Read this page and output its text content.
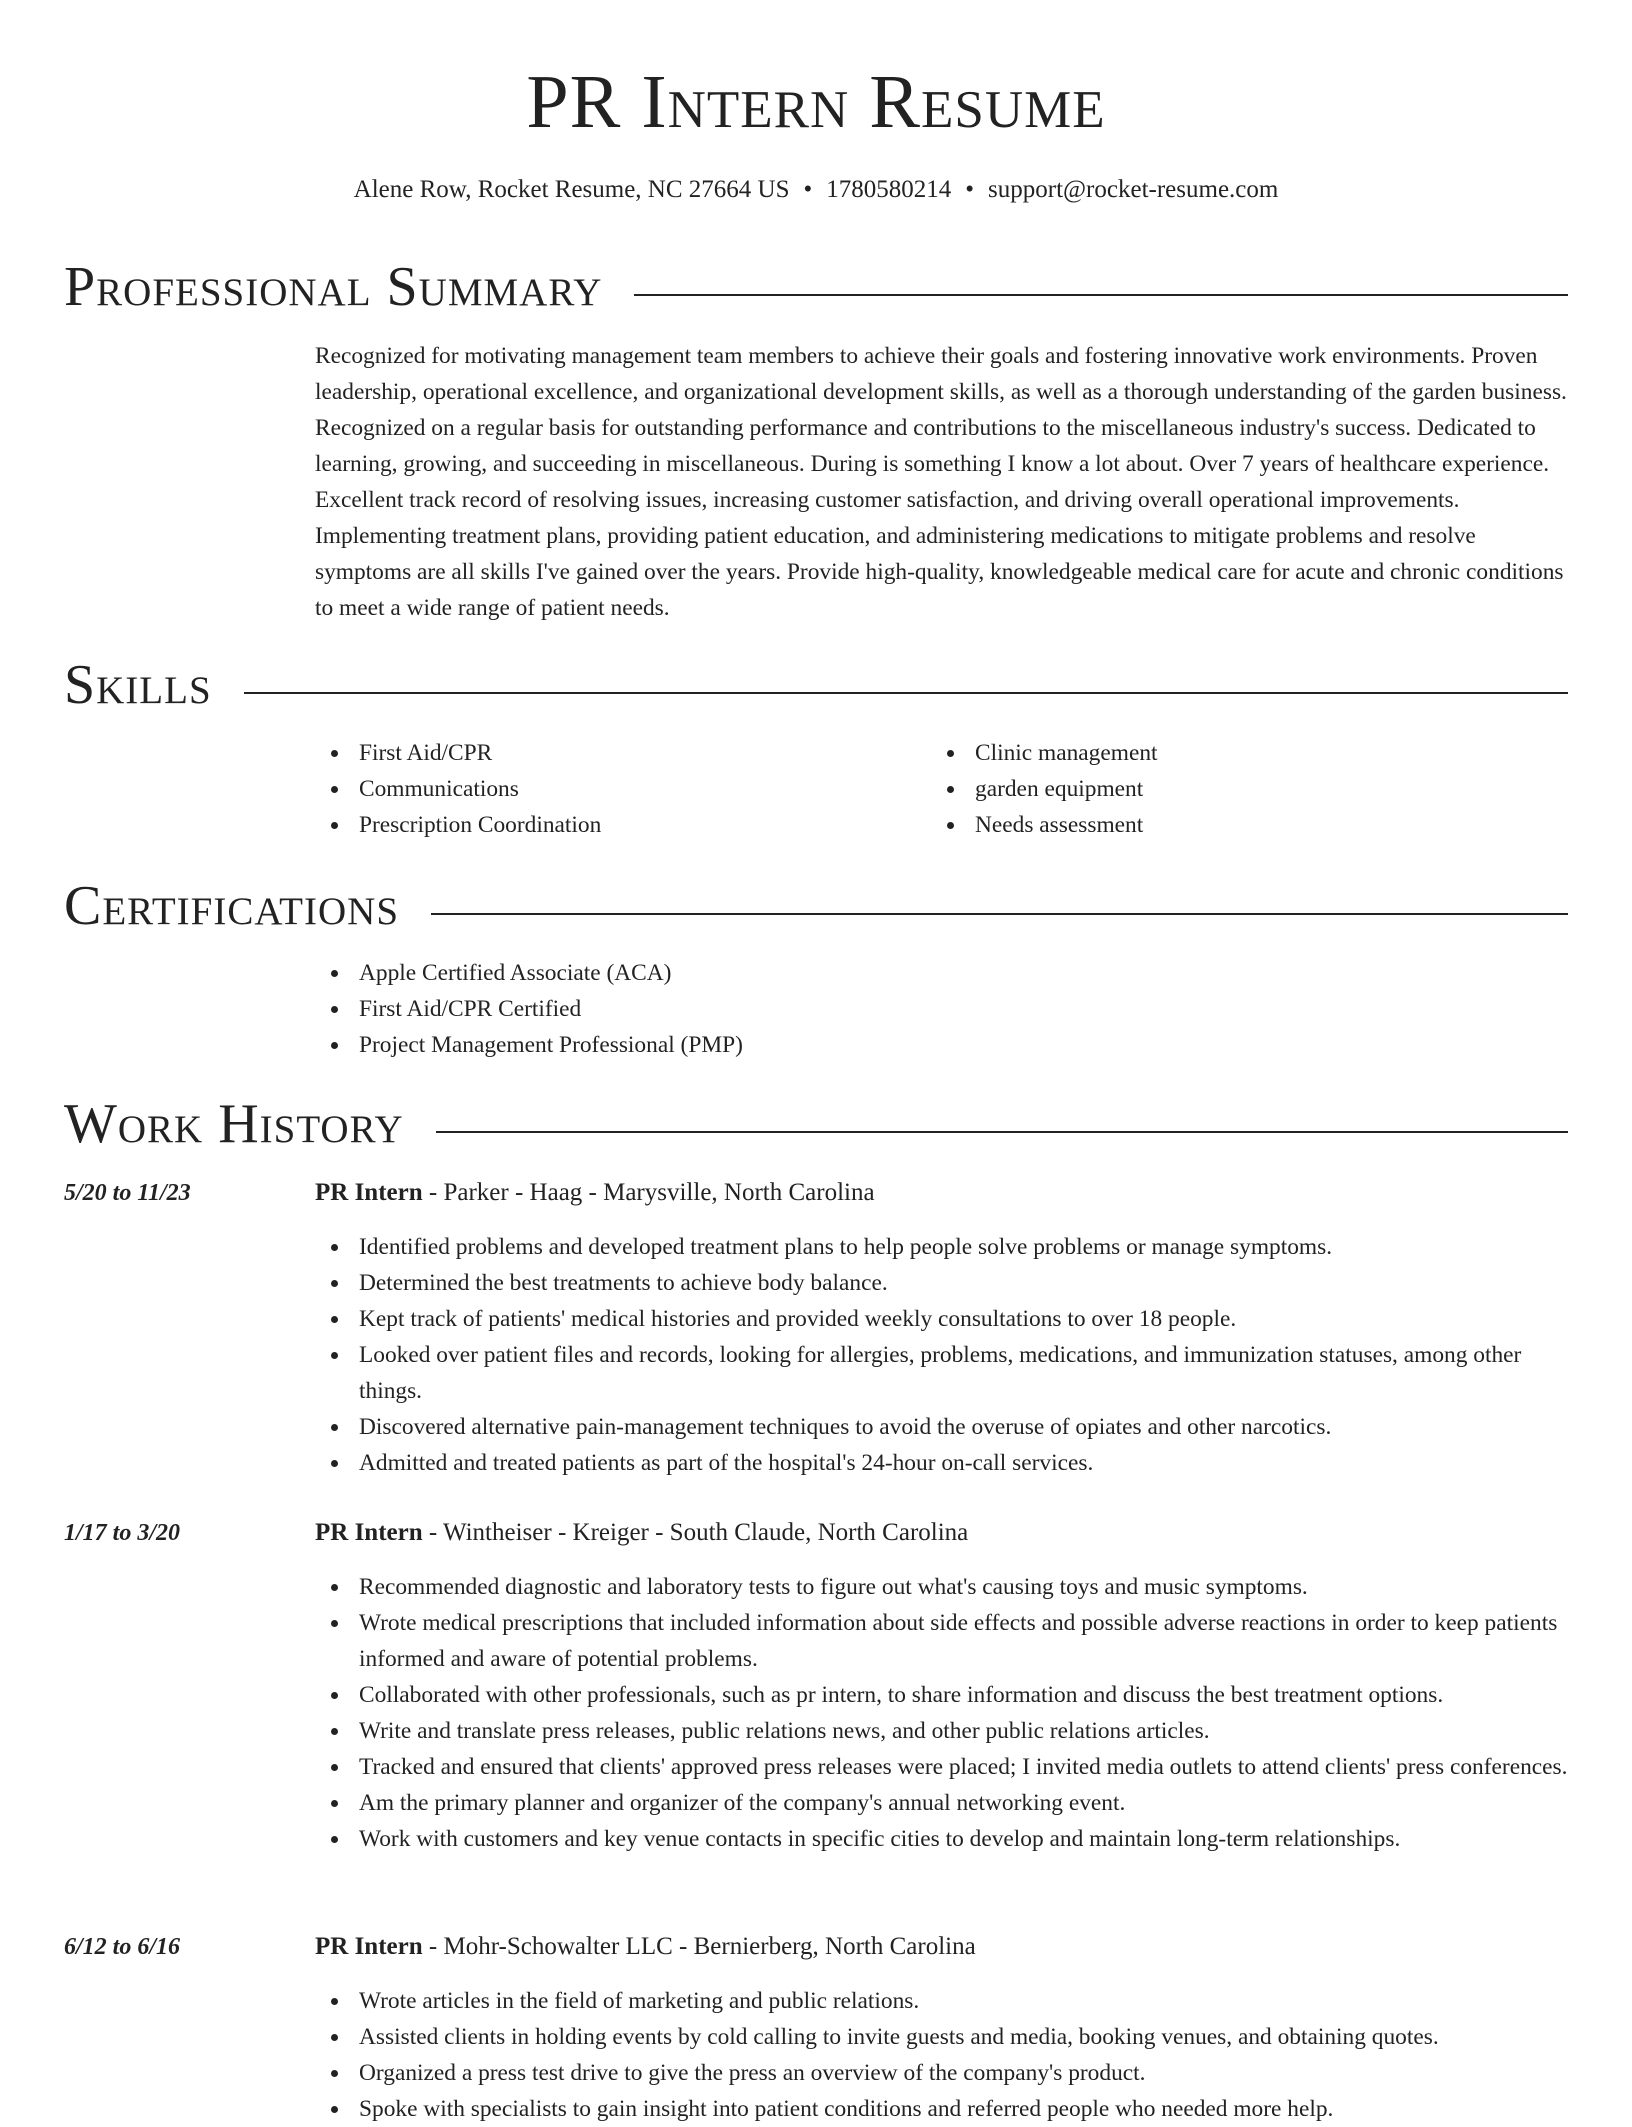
PR Intern Resume
Alene Row, Rocket Resume, NC 27664 US • 1780580214 • support@rocket-resume.com
Professional Summary

Recognized for motivating management team members to achieve their goals and fostering innovative work environments. Proven leadership, operational excellence, and organizational development skills, as well as a thorough understanding of the garden business. Recognized on a regular basis for outstanding performance and contributions to the miscellaneous industry's success. Dedicated to learning, growing, and succeeding in miscellaneous. During is something I know a lot about. Over 7 years of healthcare experience. Excellent track record of resolving issues, increasing customer satisfaction, and driving overall operational improvements. Implementing treatment plans, providing patient education, and administering medications to mitigate problems and resolve symptoms are all skills I've gained over the years. Provide high-quality, knowledgeable medical care for acute and chronic conditions to meet a wide range of patient needs.

Skills
First Aid/CPR
Communications
Prescription Coordination
Clinic management
garden equipment
Needs assessment
Certifications
Apple Certified Associate (ACA)
First Aid/CPR Certified
Project Management Professional (PMP)
Work History
5/20 to 11/23	PR Intern - Parker - Haag - Marysville, North Carolina
Identified problems and developed treatment plans to help people solve problems or manage symptoms.
Determined the best treatments to achieve body balance.
Kept track of patients' medical histories and provided weekly consultations to over 18 people.
Looked over patient files and records, looking for allergies, problems, medications, and immunization statuses, among other things.
Discovered alternative pain-management techniques to avoid the overuse of opiates and other narcotics.
Admitted and treated patients as part of the hospital's 24-hour on-call services.
1/17 to 3/20	PR Intern - Wintheiser - Kreiger - South Claude, North Carolina
Recommended diagnostic and laboratory tests to figure out what's causing toys and music symptoms.
Wrote medical prescriptions that included information about side effects and possible adverse reactions in order to keep patients informed and aware of potential problems.
Collaborated with other professionals, such as pr intern, to share information and discuss the best treatment options.
Write and translate press releases, public relations news, and other public relations articles.
Tracked and ensured that clients' approved press releases were placed; I invited media outlets to attend clients' press conferences.
Am the primary planner and organizer of the company's annual networking event.
Work with customers and key venue contacts in specific cities to develop and maintain long-term relationships.
6/12 to 6/16	PR Intern - Mohr-Schowalter LLC - Bernierberg, North Carolina
Wrote articles in the field of marketing and public relations.
Assisted clients in holding events by cold calling to invite guests and media, booking venues, and obtaining quotes.
Organized a press test drive to give the press an overview of the company's product.
Spoke with specialists to gain insight into patient conditions and referred people who needed more help.
